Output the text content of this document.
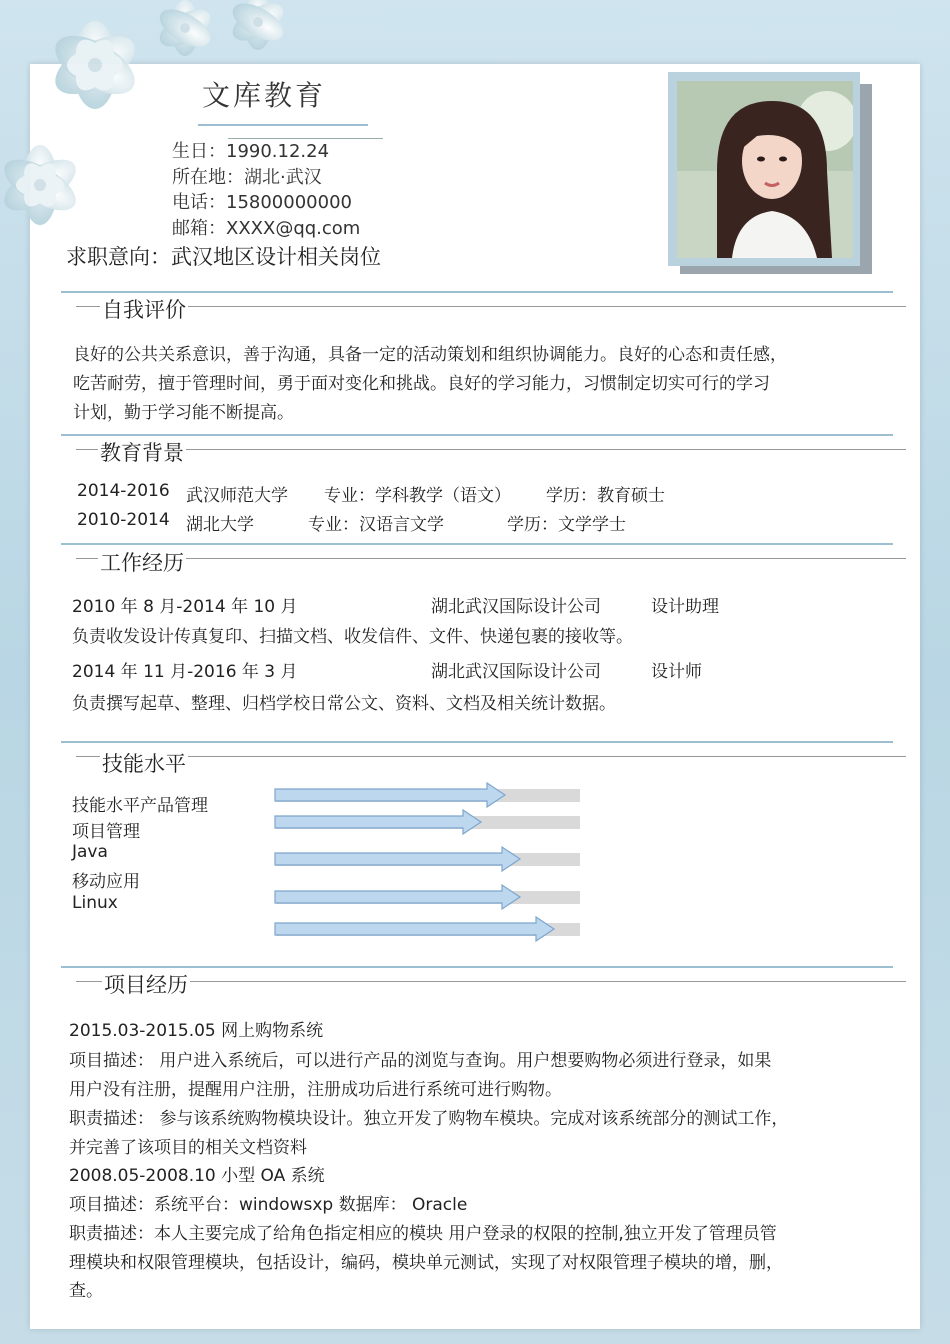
文库教育
生日：1990.12.24
所在地：湖北·武汉
电话：15800000000
邮箱：XXXX@qq.com
求职意向：武汉地区设计相关岗位
自我评价
良好的公共关系意识，善于沟通，具备一定的活动策划和组织协调能力。良好的心态和责任感，
吃苦耐劳，擅于管理时间，勇于面对变化和挑战。良好的学习能力，习惯制定切实可行的学习
计划，勤于学习能不断提高。
教育背景
2014-2016 武汉师范大学 专业：学科教学（语文） 学历：教育硕士
2010-2014 湖北大学	专业：汉语言文学	学历：文学学士
工作经历
2010 年 8 月-2014 年 10 月	湖北武汉国际设计公司	设计助理
负责收发设计传真复印、扫描文档、收发信件、文件、快递包裹的接收等。
2014 年 11 月-2016 年 3 月	湖北武汉国际设计公司	设计师
负责撰写起草、整理、归档学校日常公文、资料、文档及相关统计数据。
技能水平
技能水平产品管理
项目管理
Java
移动应用
Linux
项目经历
2015.03-2015.05 网上购物系统
项目描述： 用户进入系统后，可以进行产品的浏览与查询。用户想要购物必须进行登录，如果
用户没有注册，提醒用户注册，注册成功后进行系统可进行购物。
职责描述： 参与该系统购物模块设计。独立开发了购物车模块。完成对该系统部分的测试工作，
并完善了该项目的相关文档资料
2008.05-2008.10 小型 OA 系统
项目描述：系统平台：windowsxp 数据库： Oracle
职责描述：本人主要完成了给角色指定相应的模块 用户登录的权限的控制,独立开发了管理员管
理模块和权限管理模块，包括设计，编码，模块单元测试，实现了对权限管理子模块的增，删，
查。
